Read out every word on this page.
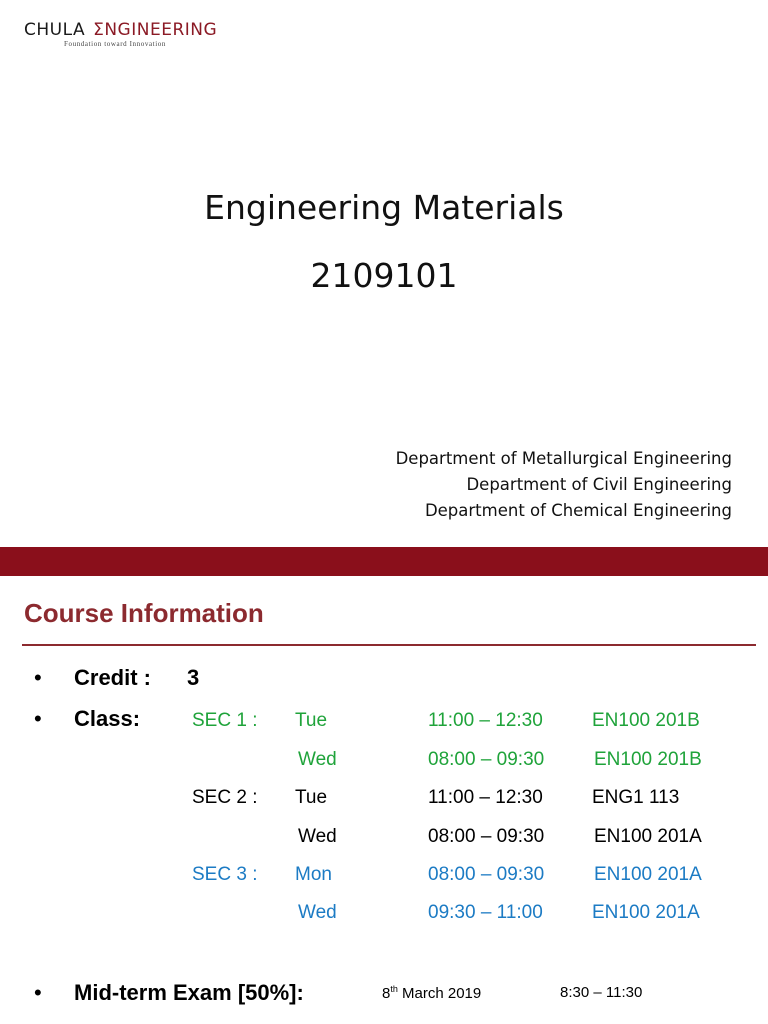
CHULA ΣNGINEERING
Foundation toward Innovation
Engineering Materials
2109101
Department of Metallurgical Engineering
Department of Civil Engineering
Department of Chemical Engineering
Course Information
• Credit : 3
• Class:	SEC 1 : Tue	11:00 – 12:30	EN100 201B
Wed	08:00 – 09:30	EN100 201B
SEC 2 : Tue	11:00 – 12:30	ENG1 113
Wed	08:00 – 09:30	EN100 201A
SEC 3 : Mon	08:00 – 09:30	EN100 201A
Wed	09:30 – 11:00	EN100 201A
• Mid-term Exam [50%]:	8th March 2019	8:30 – 11:30
